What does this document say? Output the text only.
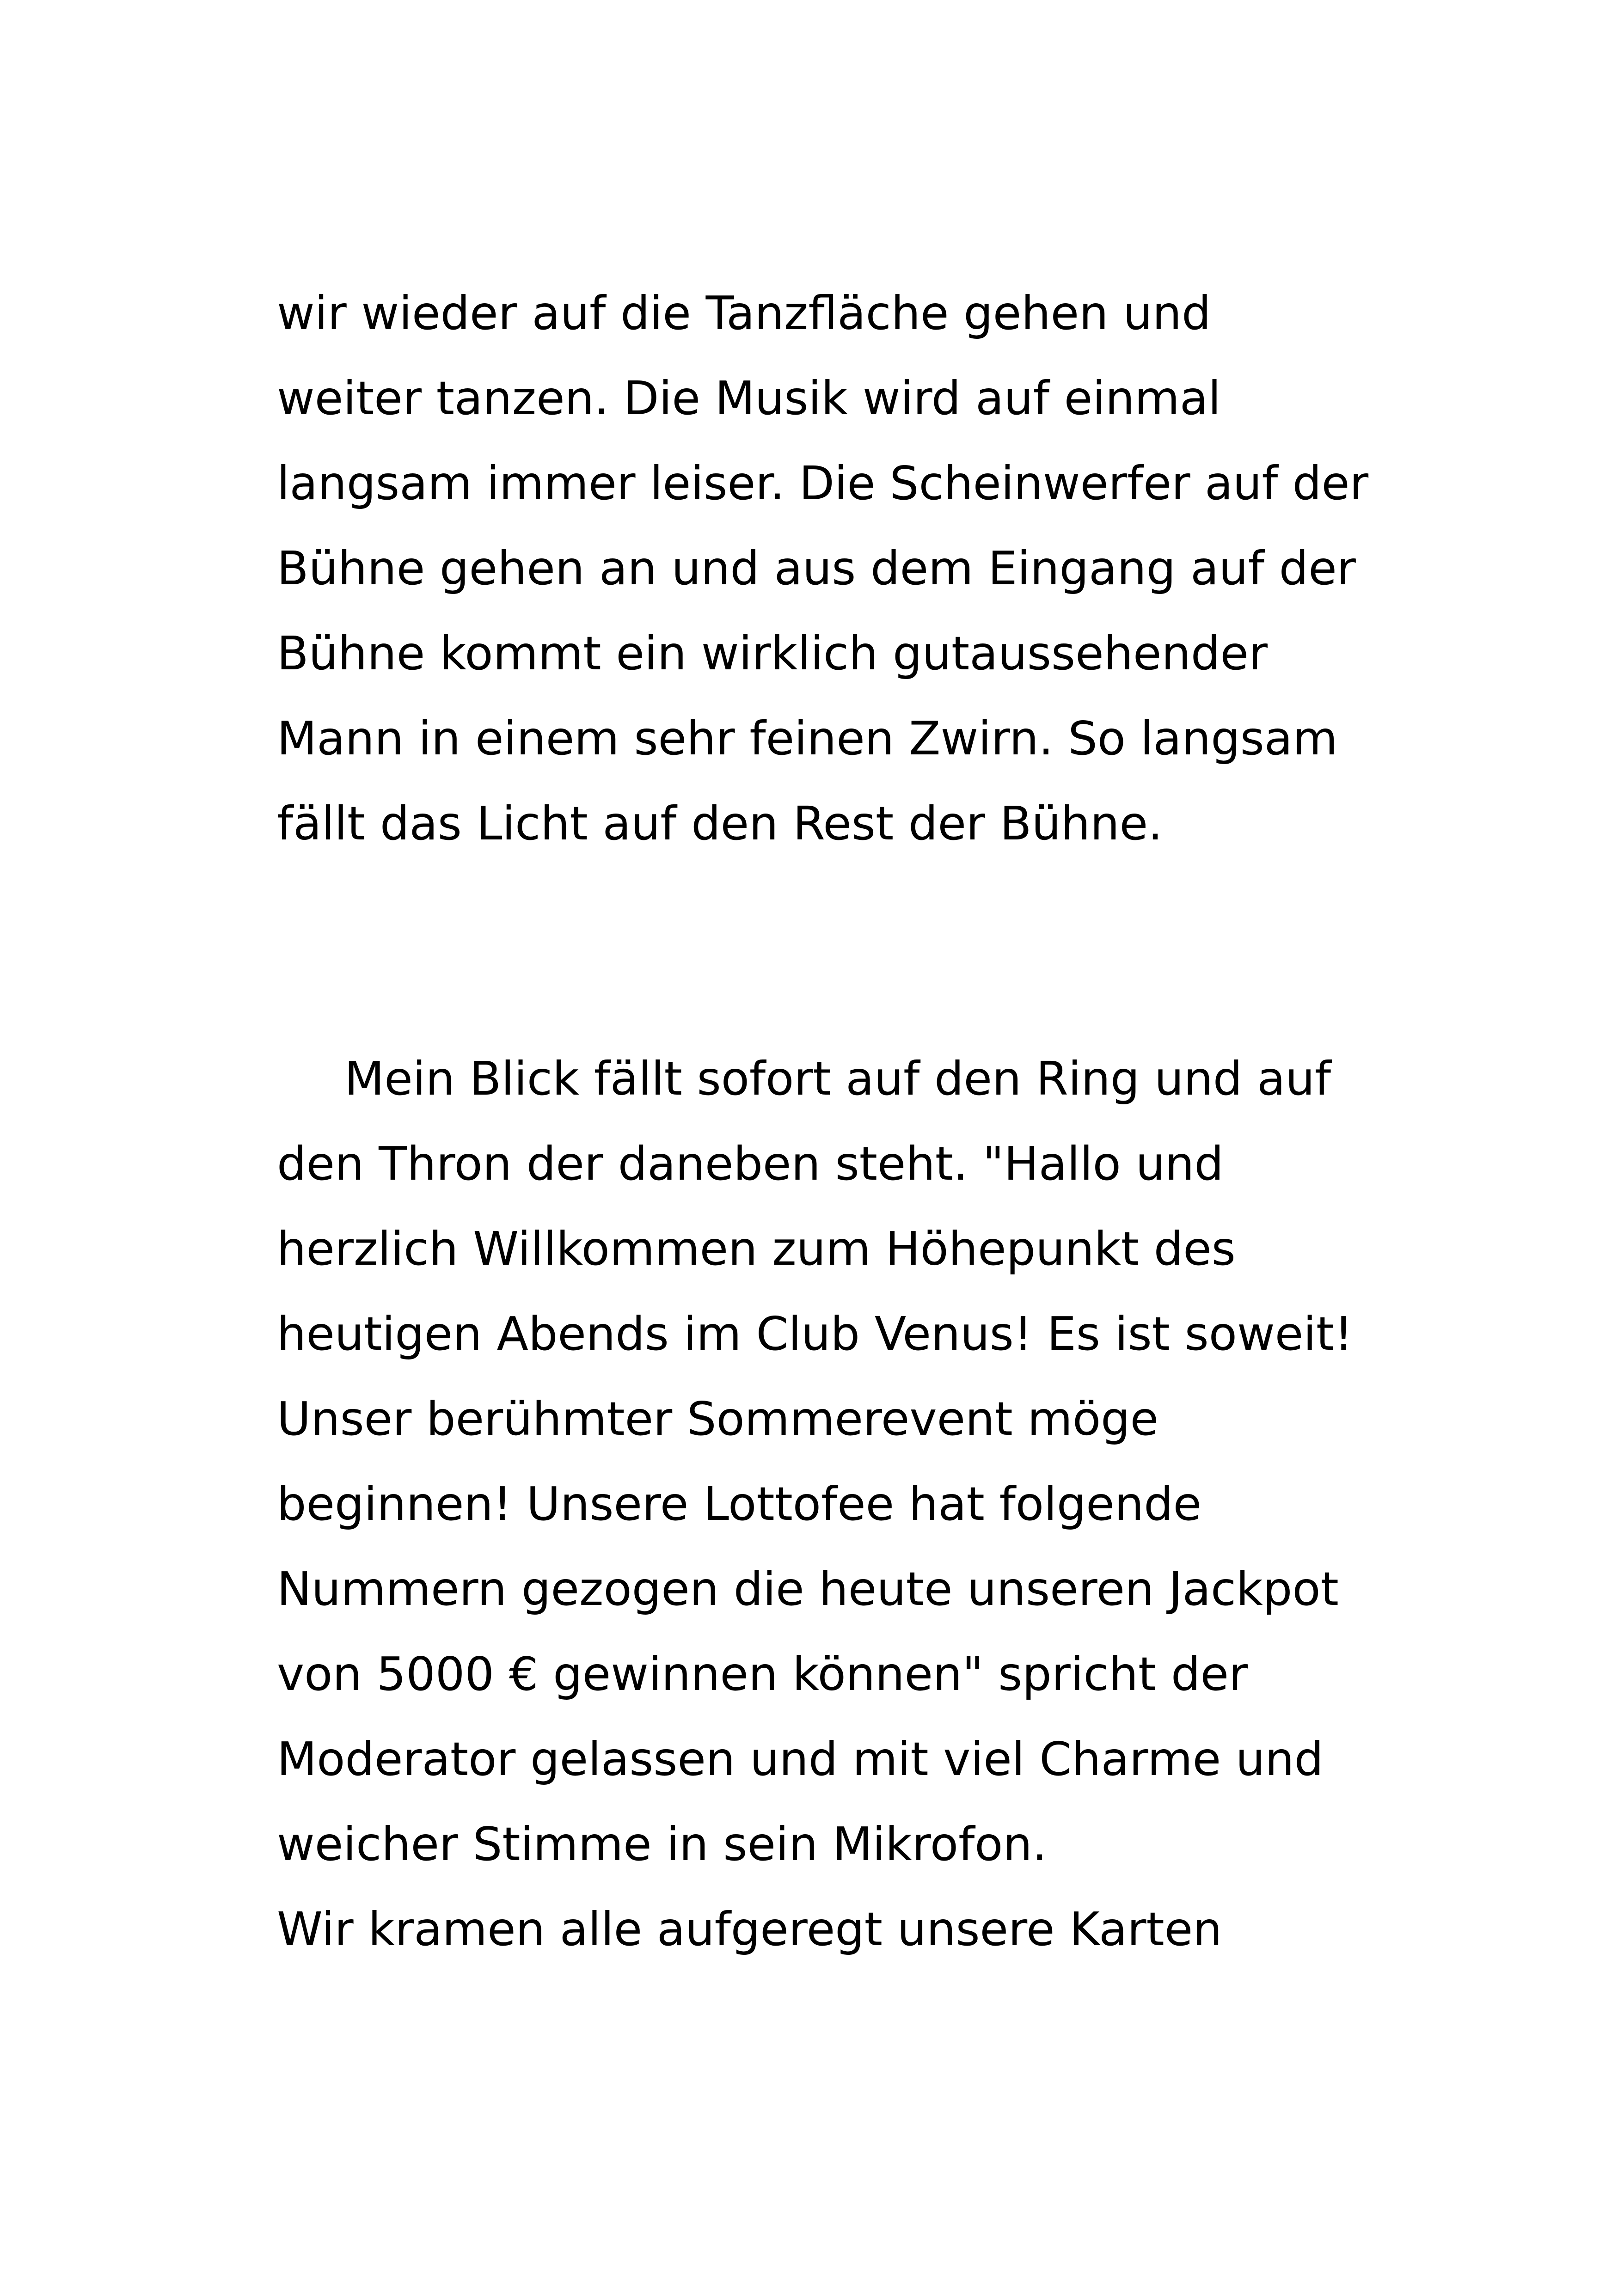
wir wieder auf die Tanzfläche gehen und

weiter tanzen. Die Musik wird auf einmal

langsam immer leiser. Die Scheinwerfer auf der

Bühne gehen an und aus dem Eingang auf der

Bühne kommt ein wirklich gutaussehender

Mann in einem sehr feinen Zwirn. So langsam

fällt das Licht auf den Rest der Bühne.

Mein Blick fällt sofort auf den Ring und auf

den Thron der daneben steht. "Hallo und

herzlich Willkommen zum Höhepunkt des

heutigen Abends im Club Venus! Es ist soweit!

Unser berühmter Sommerevent möge

beginnen! Unsere Lottofee hat folgende

Nummern gezogen die heute unseren Jackpot

von 5000 € gewinnen können" spricht der

Moderator gelassen und mit viel Charme und

weicher Stimme in sein Mikrofon.

Wir kramen alle aufgeregt unsere Karten
